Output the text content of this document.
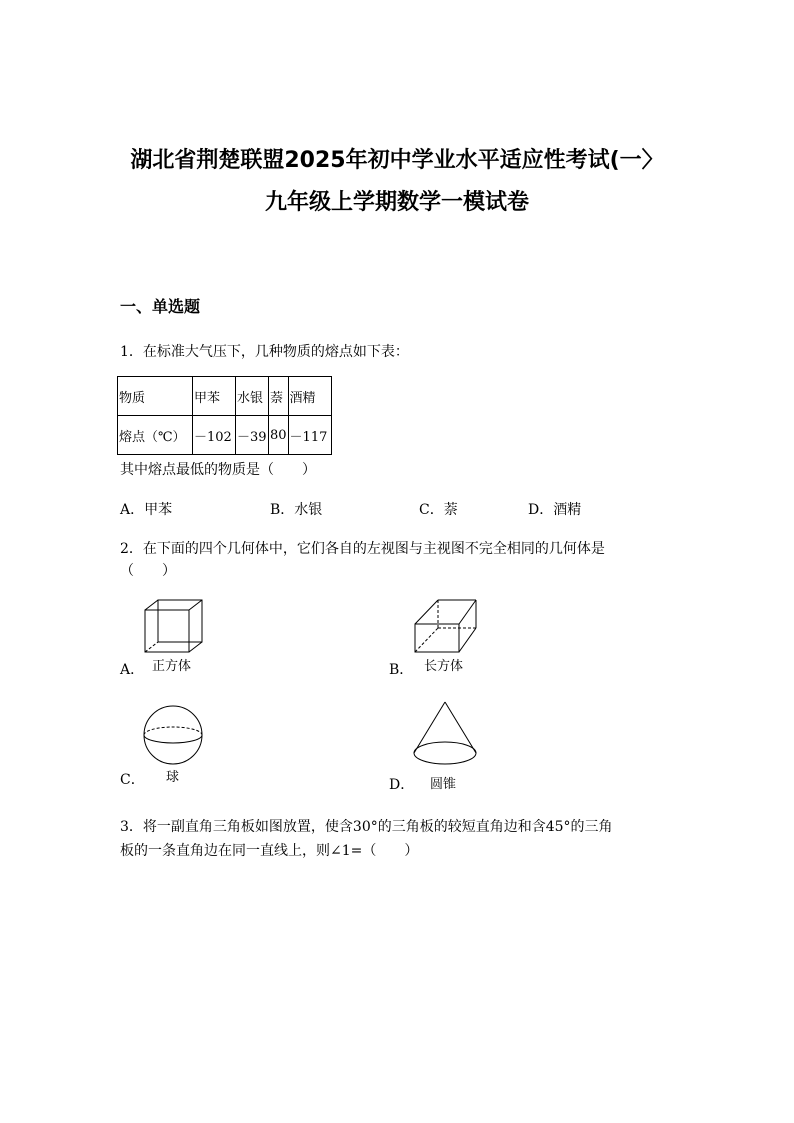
湖北省荆楚联盟2025年初中学业水平适应性考试(一〉
九年级上学期数学一模试卷
一、单选题
1．在标准大气压下，几种物质的熔点如下表：
物质	甲苯	水银	萘	酒精
熔点（℃）	－102	－39	80	－117
其中熔点最低的物质是（　　）
A．甲苯	B．水银	C．萘	D．酒精
2．在下面的四个几何体中，它们各自的左视图与主视图不完全相同的几何体是
（　　）
A． 正方体	B． 长方体
C． 球	D． 圆锥
3．将一副直角三角板如图放置，使含30°的三角板的较短直角边和含45°的三角
板的一条直角边在同一直线上，则∠1=（　　）
